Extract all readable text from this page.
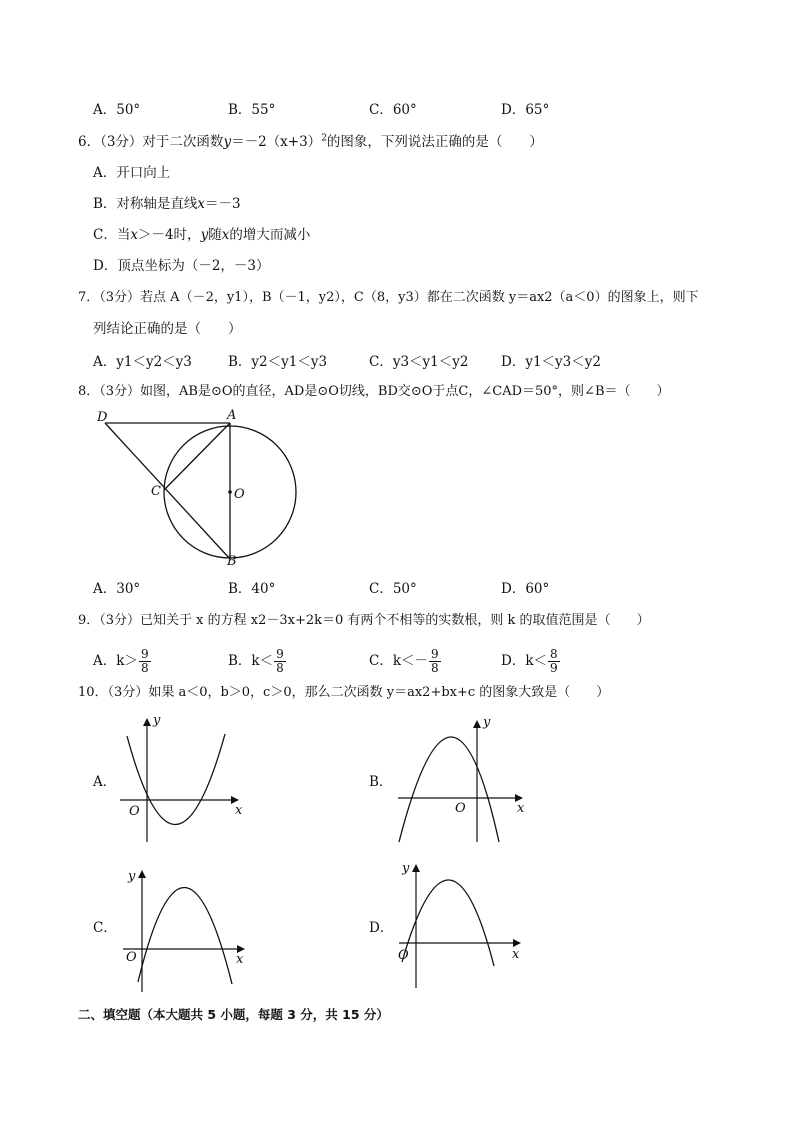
A．50°	B．55°	C．60°	D．65°
6．（3分）对于二次函数$y=-2(x+3)^2$的图象，下列说法正确的是（　　）
A．开口向上
B．对称轴是直线x＝－3
C．当x＞－4时，y随x的增大而减小
D．顶点坐标为（－2，－3）
7．（3分）若点 A（－2，y1），B（－1，y2），C（8，y3）都在二次函数 y＝ax2（a＜0）的图象上，则下
列结论正确的是（　　）
A．y1＜y2＜y3	B．y2＜y1＜y3	C．y3＜y1＜y2 D．y1＜y3＜y2
8．（3分）如图，AB是⊙O的直径，AD是⊙O切线，BD交⊙O于点C，∠CAD＝50°，则∠B＝（　　）
D	A
C	O
B
A．30°	B．40°	C．50°	D．60°
9．（3分）已知关于 x 的方程 x2－3x+2k＝0 有两个不相等的实数根，则 k 的取值范围是（　　）
A．$k> \frac{9}{8}$	B．$k< \frac{9}{8}$	C．$k<- \frac{9}{8}$	D．$k< \frac{8}{9}$
10．（3分）如果 a＜0，b＞0，c＞0，那么二次函数 y＝ax2+bx+c 的图象大致是（　　）
A．
x
y
O
B．
x
y
O
C．
x
y
O
D．
x
y
O
二、填空题（本大题共 5 小题，每题 3 分，共 15 分）
